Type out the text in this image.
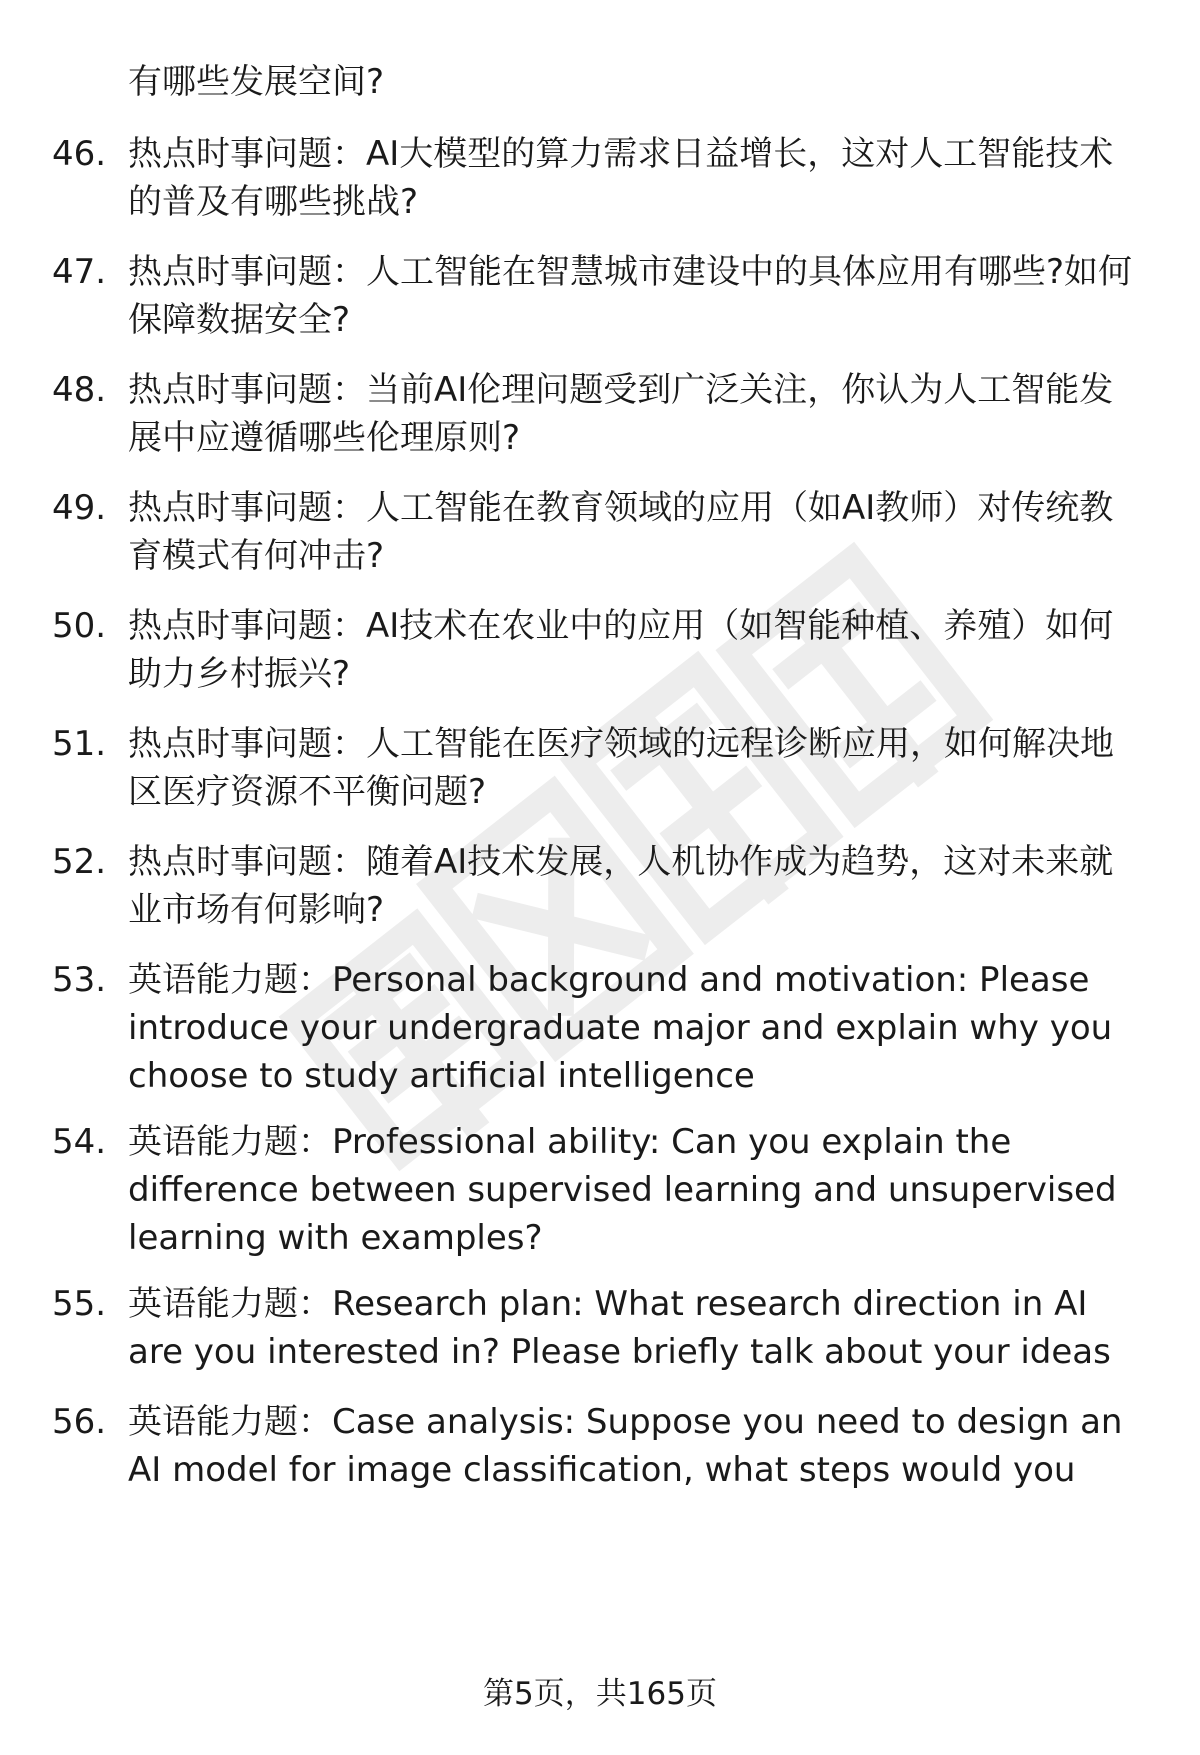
有哪些发展空间?
46. 热点时事问题：AI大模型的算力需求日益增长，这对人工智能技术的普及有哪些挑战?
47. 热点时事问题：人工智能在智慧城市建设中的具体应用有哪些?如何保障数据安全?
48. 热点时事问题：当前AI伦理问题受到广泛关注，你认为人工智能发展中应遵循哪些伦理原则?
49. 热点时事问题：人工智能在教育领域的应用（如AI教师）对传统教育模式有何冲击?
50. 热点时事问题：AI技术在农业中的应用（如智能种植、养殖）如何助力乡村振兴?
51. 热点时事问题：人工智能在医疗领域的远程诊断应用，如何解决地区医疗资源不平衡问题?
52. 热点时事问题：随着AI技术发展，人机协作成为趋势，这对未来就业市场有何影响?
53. 英语能力题：Personal background and motivation: Please introduce your undergraduate major and explain why you choose to study artificial intelligence
54. 英语能力题：Professional ability: Can you explain the difference between supervised learning and unsupervised learning with examples?
55. 英语能力题：Research plan: What research direction in AI are you interested in? Please briefly talk about your ideas
56. 英语能力题：Case analysis: Suppose you need to design an AI model for image classification, what steps would you
第5页，共165页
